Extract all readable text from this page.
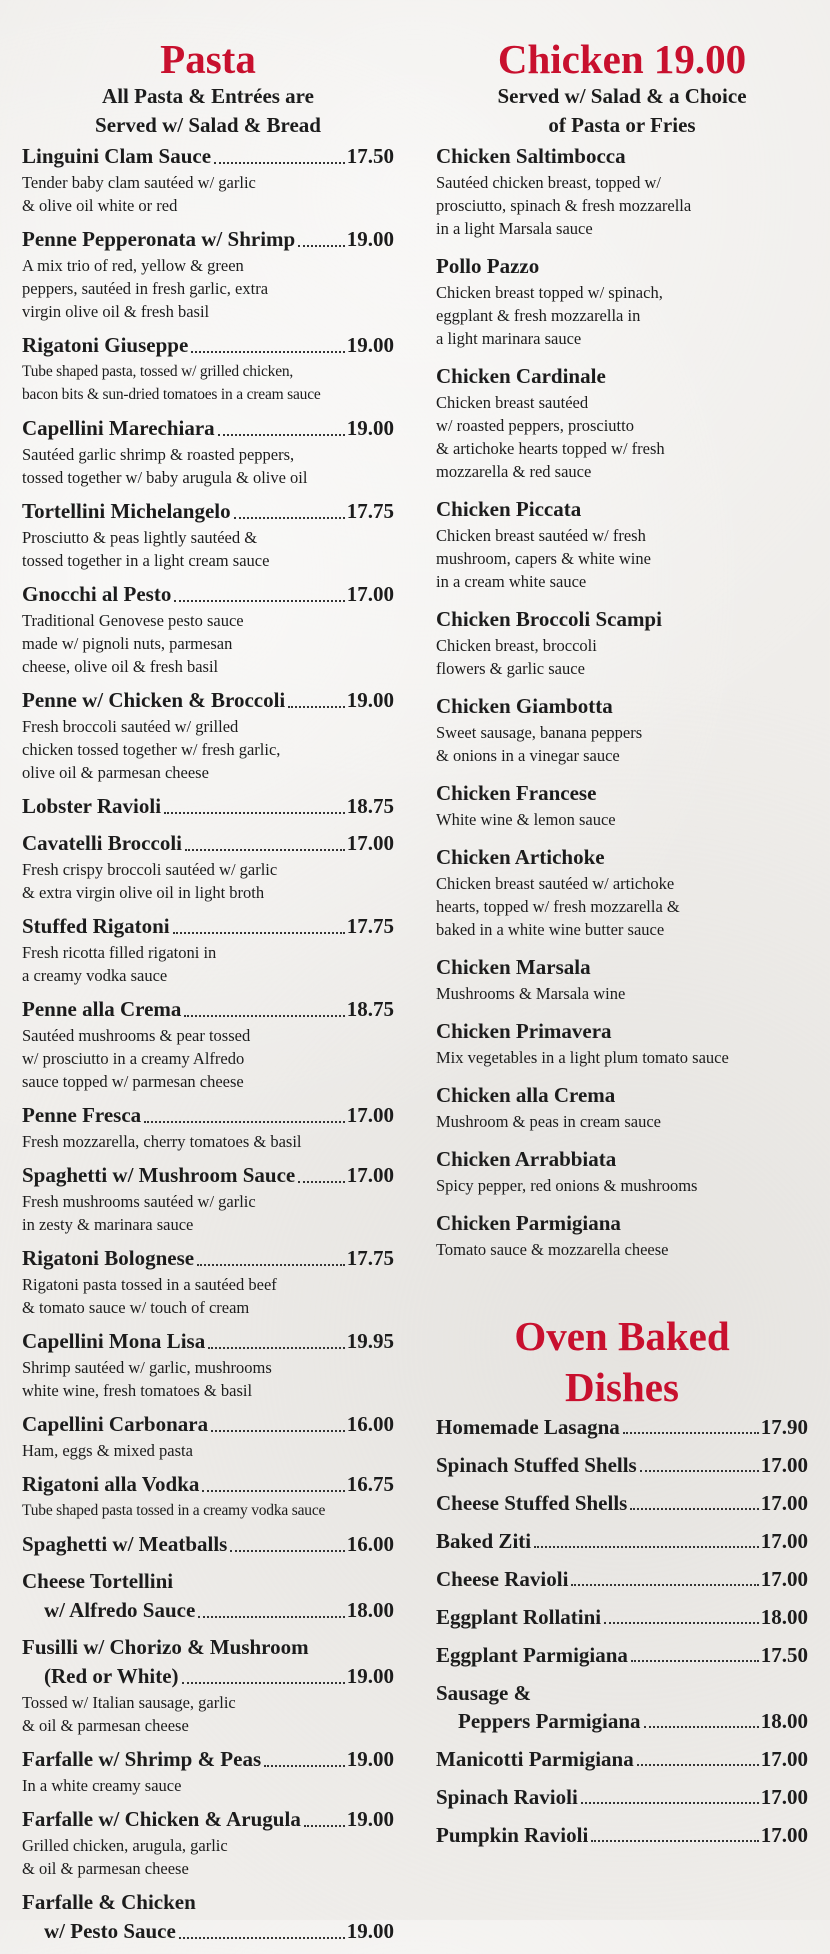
Pasta

All Pasta & Entrées are
Served w/ Salad & Bread

Linguini Clam Sauce	17.50
Tender baby clam sautéed w/ garlic
& olive oil white or red
Penne Pepperonata w/ Shrimp 19.00
A mix trio of red, yellow & green
peppers, sautéed in fresh garlic, extra
virgin olive oil & fresh basil
Rigatoni Giuseppe	19.00
Tube shaped pasta, tossed w/ grilled chicken,
bacon bits & sun-dried tomatoes in a cream sauce
Capellini Marechiara	19.00
Sautéed garlic shrimp & roasted peppers,
tossed together w/ baby arugula & olive oil
Tortellini Michelangelo	17.75
Prosciutto & peas lightly sautéed &
tossed together in a light cream sauce
Gnocchi al Pesto	17.00
Traditional Genovese pesto sauce
made w/ pignoli nuts, parmesan
cheese, olive oil & fresh basil
Penne w/ Chicken & Broccoli	19.00
Fresh broccoli sautéed w/ grilled
chicken tossed together w/ fresh garlic,
olive oil & parmesan cheese
Lobster Ravioli	18.75
Cavatelli Broccoli	17.00
Fresh crispy broccoli sautéed w/ garlic
& extra virgin olive oil in light broth
Stuffed Rigatoni	17.75
Fresh ricotta filled rigatoni in
a creamy vodka sauce
Penne alla Crema	18.75
Sautéed mushrooms & pear tossed
w/ prosciutto in a creamy Alfredo
sauce topped w/ parmesan cheese
Penne Fresca	17.00
Fresh mozzarella, cherry tomatoes & basil
Spaghetti w/ Mushroom Sauce 17.00
Fresh mushrooms sautéed w/ garlic
in zesty & marinara sauce
Rigatoni Bolognese	17.75
Rigatoni pasta tossed in a sautéed beef
& tomato sauce w/ touch of cream
Capellini Mona Lisa	19.95
Shrimp sautéed w/ garlic, mushrooms
white wine, fresh tomatoes & basil
Capellini Carbonara	16.00
Ham, eggs & mixed pasta
Rigatoni alla Vodka	16.75
Tube shaped pasta tossed in a creamy vodka sauce
Spaghetti w/ Meatballs	16.00
Cheese Tortellini
w/ Alfredo Sauce	18.00
Fusilli w/ Chorizo & Mushroom
(Red or White)	19.00
Tossed w/ Italian sausage, garlic
& oil & parmesan cheese
Farfalle w/ Shrimp & Peas	19.00
In a white creamy sauce
Farfalle w/ Chicken & Arugula 19.00
Grilled chicken, arugula, garlic
& oil & parmesan cheese
Farfalle & Chicken
w/ Pesto Sauce	19.00
Chicken 19.00

Served w/ Salad & a Choice
of Pasta or Fries

Chicken Saltimbocca
Sautéed chicken breast, topped w/
prosciutto, spinach & fresh mozzarella
in a light Marsala sauce
Pollo Pazzo
Chicken breast topped w/ spinach,
eggplant & fresh mozzarella in
a light marinara sauce
Chicken Cardinale
Chicken breast sautéed
w/ roasted peppers, prosciutto
& artichoke hearts topped w/ fresh
mozzarella & red sauce
Chicken Piccata
Chicken breast sautéed w/ fresh
mushroom, capers & white wine
in a cream white sauce
Chicken Broccoli Scampi
Chicken breast, broccoli
flowers & garlic sauce
Chicken Giambotta
Sweet sausage, banana peppers
& onions in a vinegar sauce
Chicken Francese
White wine & lemon sauce
Chicken Artichoke
Chicken breast sautéed w/ artichoke
hearts, topped w/ fresh mozzarella &
baked in a white wine butter sauce
Chicken Marsala
Mushrooms & Marsala wine
Chicken Primavera
Mix vegetables in a light plum tomato sauce
Chicken alla Crema
Mushroom & peas in cream sauce
Chicken Arrabbiata
Spicy pepper, red onions & mushrooms
Chicken Parmigiana
Tomato sauce & mozzarella cheese
Oven Baked
Dishes
Homemade Lasagna	17.90
Spinach Stuffed Shells	17.00
Cheese Stuffed Shells	17.00
Baked Ziti	17.00
Cheese Ravioli	17.00
Eggplant Rollatini	18.00
Eggplant Parmigiana	17.50
Sausage &
Peppers Parmigiana	18.00
Manicotti Parmigiana	17.00
Spinach Ravioli	17.00
Pumpkin Ravioli	17.00
